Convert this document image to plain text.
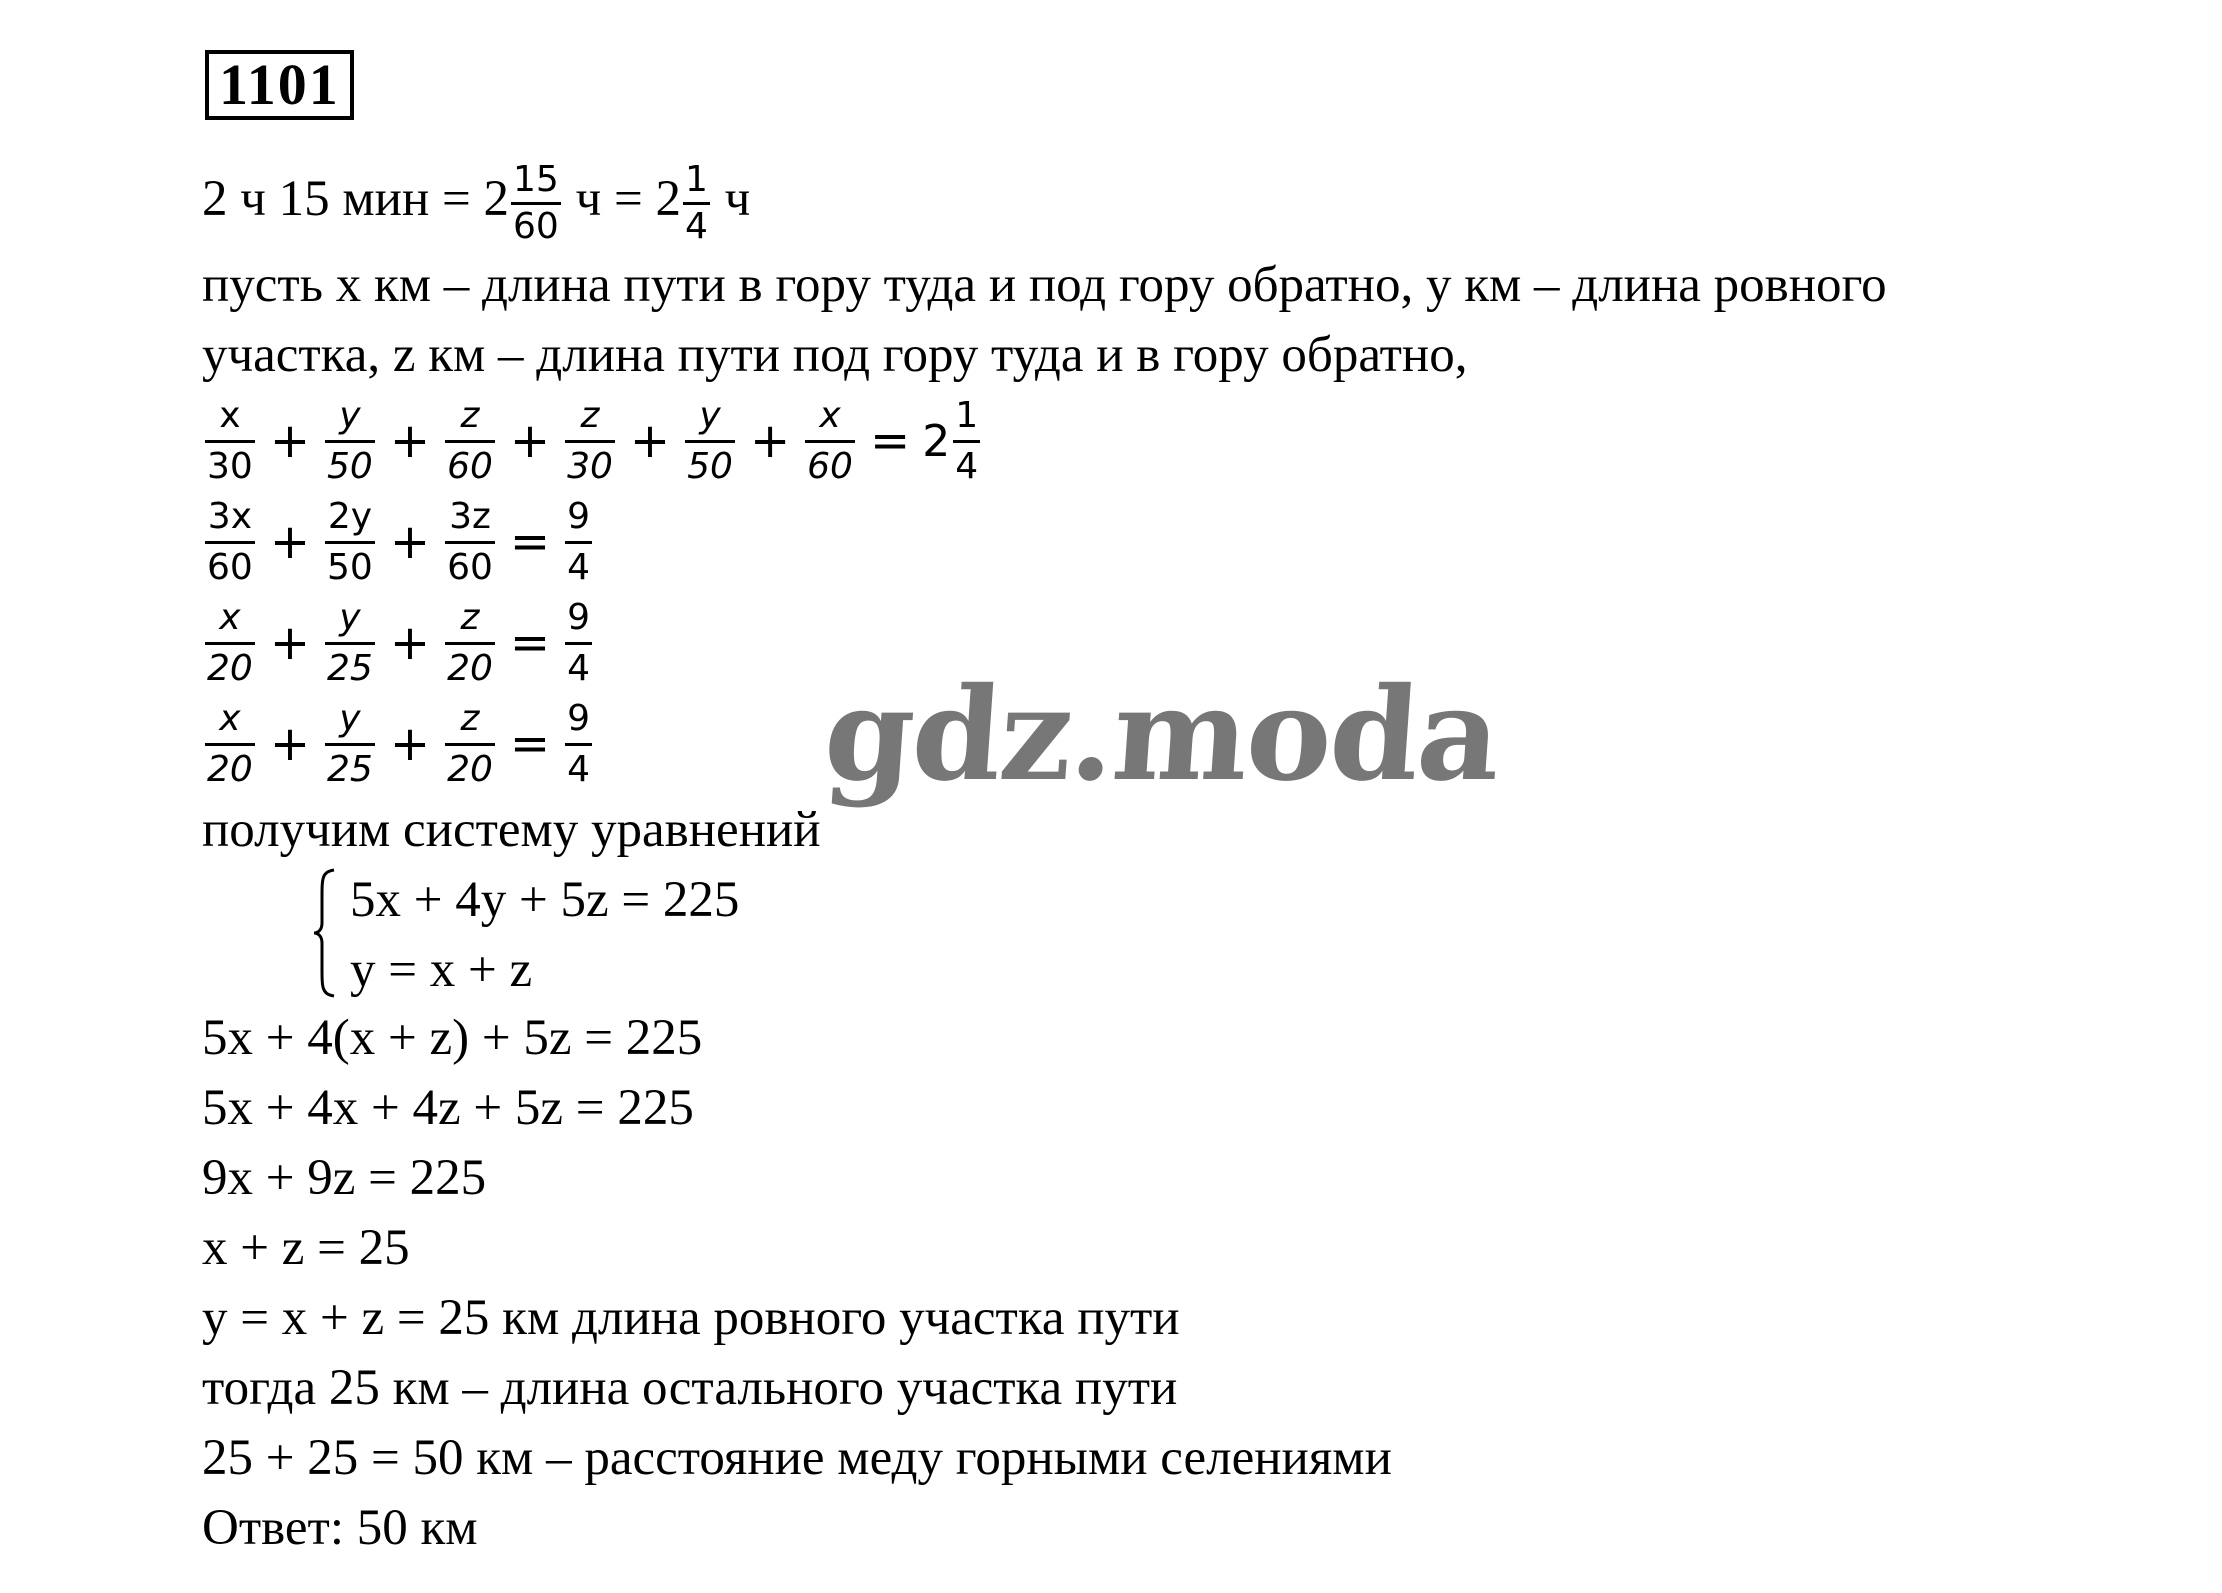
1101
2 ч 15 мин = $2 \frac{15}{60}$ $ч = 2 \frac{1}{4}$ ч
пусть x км – длина пути в гору туда и под гору обратно, y км – длина ровного
участка, z км – длина пути под гору туда и в гору обратно,
$\frac{x}{30} + \frac{y}{50} + \frac{z}{60} + \frac{z}{30} + \frac{y}{50} + \frac{x}{60} = 2 \frac{1}{4}$
$\frac{3x}{60} + \frac{2y}{50} + \frac{3z}{60} = \frac{9}{4}$
$\frac{x}{20} + \frac{y}{25} + \frac{z}{20} = \frac{9}{4}$
$\frac{x}{20} + \frac{y}{25} + \frac{z}{20} = \frac{9}{4}$
получим систему уравнений
5x + 4y + 5z = 225
y = x + z
5x + 4(x + z) + 5z = 225
5x + 4x + 4z + 5z = 225
9x + 9z = 225
x + z = 25
y = x + z = 25 км длина ровного участка пути
тогда 25 км – длина остального участка пути
25 + 25 = 50 км – расстояние меду горными селениями
Ответ: 50 км
gdz.moda
